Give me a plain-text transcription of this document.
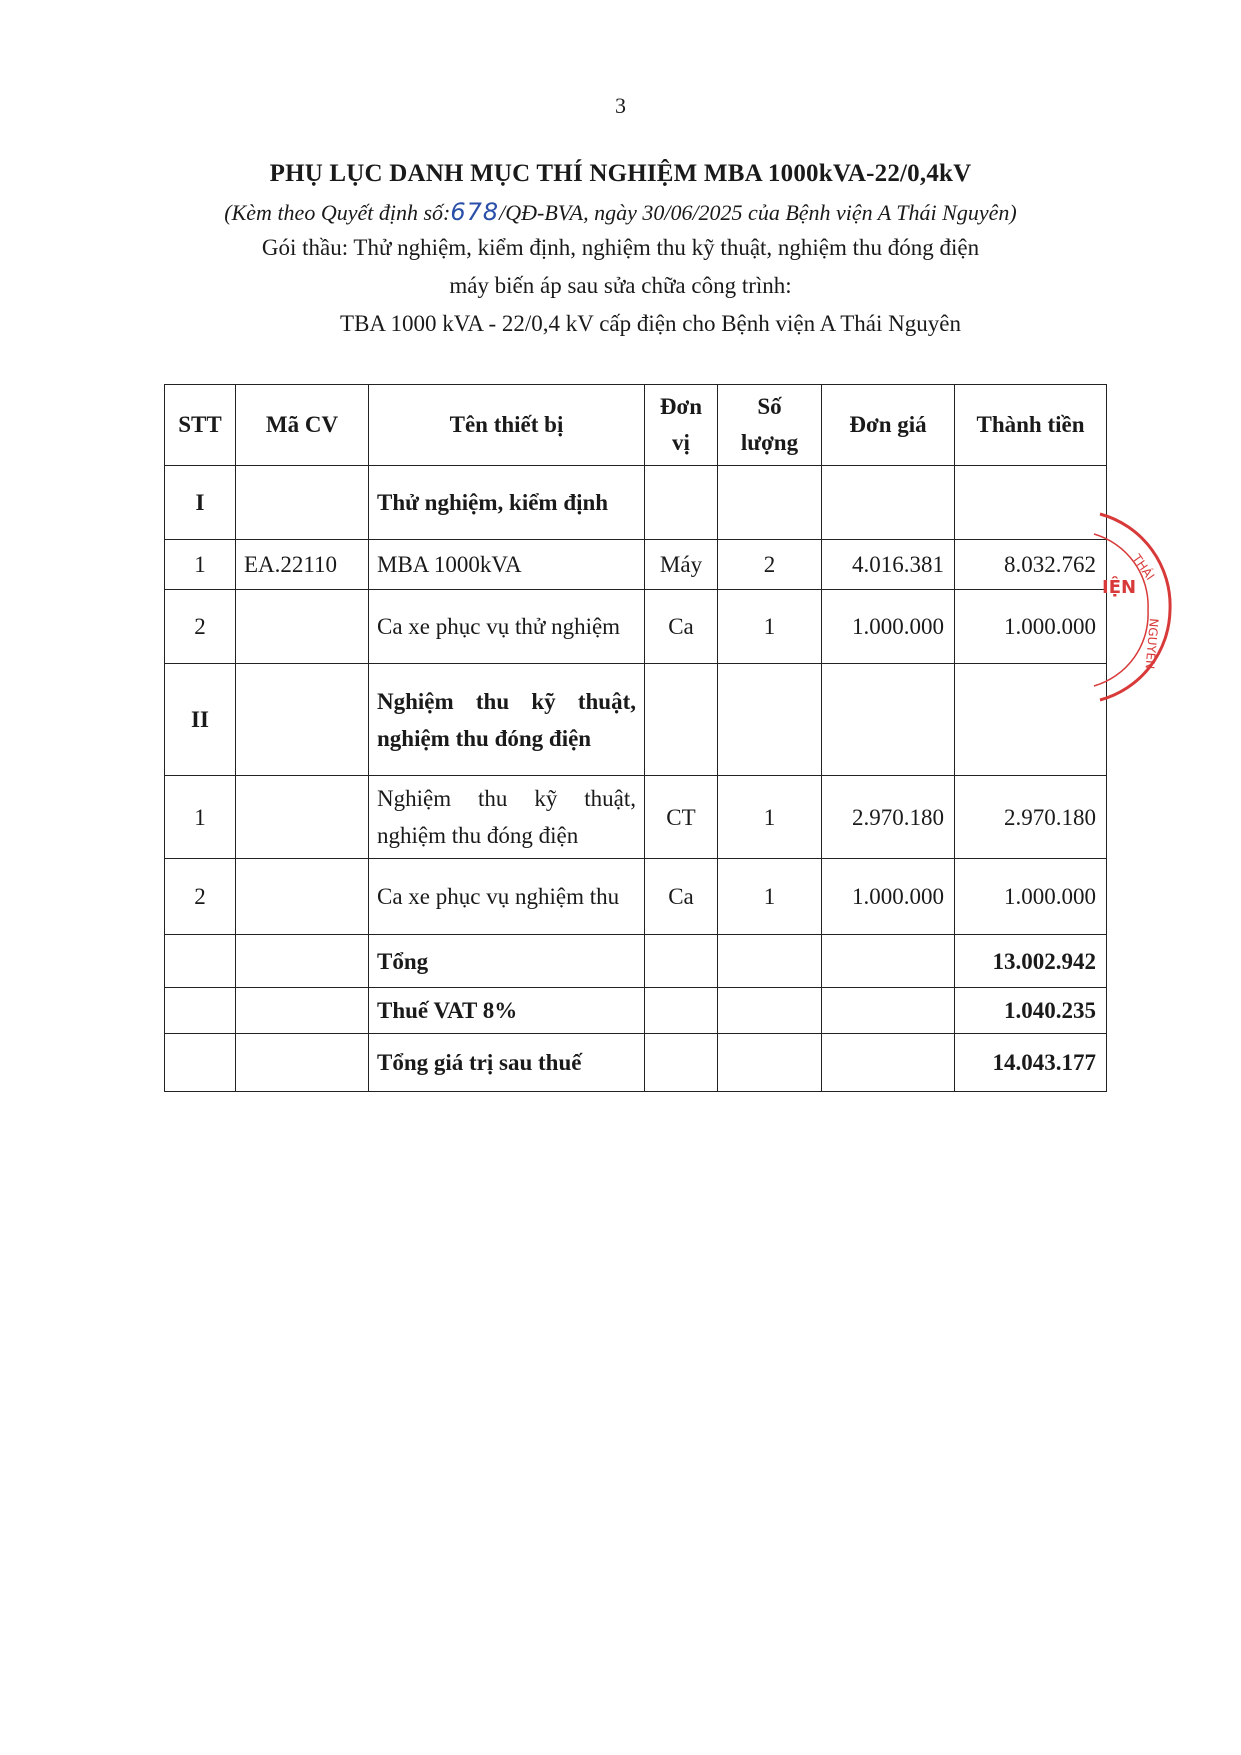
3
PHỤ LỤC DANH MỤC THÍ NGHIỆM MBA 1000kVA-22/0,4kV
(Kèm theo Quyết định số:678/QĐ-BVA, ngày 30/06/2025 của Bệnh viện A Thái Nguyên)
Gói thầu: Thử nghiệm, kiểm định, nghiệm thu kỹ thuật, nghiệm thu đóng điện
máy biến áp sau sửa chữa công trình:
TBA 1000 kVA - 22/0,4 kV cấp điện cho Bệnh viện A Thái Nguyên
STT	Mã CV	Tên thiết bị	Đơn vị	Số lượng	Đơn giá	Thành tiền
I		Thử nghiệm, kiểm định				
1	EA.22110	MBA 1000kVA	Máy	2	4.016.381	8.032.762
2		Ca xe phục vụ thử nghiệm	Ca	1	1.000.000	1.000.000
II		Nghiệm thu kỹ thuật, nghiệm thu đóng điện				
1		Nghiệm thu kỹ thuật, nghiệm thu đóng điện	CT	1	2.970.180	2.970.180
2		Ca xe phục vụ nghiệm thu	Ca	1	1.000.000	1.000.000
		Tổng				13.002.942
		Thuế VAT 8%				1.040.235
		Tổng giá trị sau thuế				14.043.177
IỆN
THÁI
NGUYÊN
